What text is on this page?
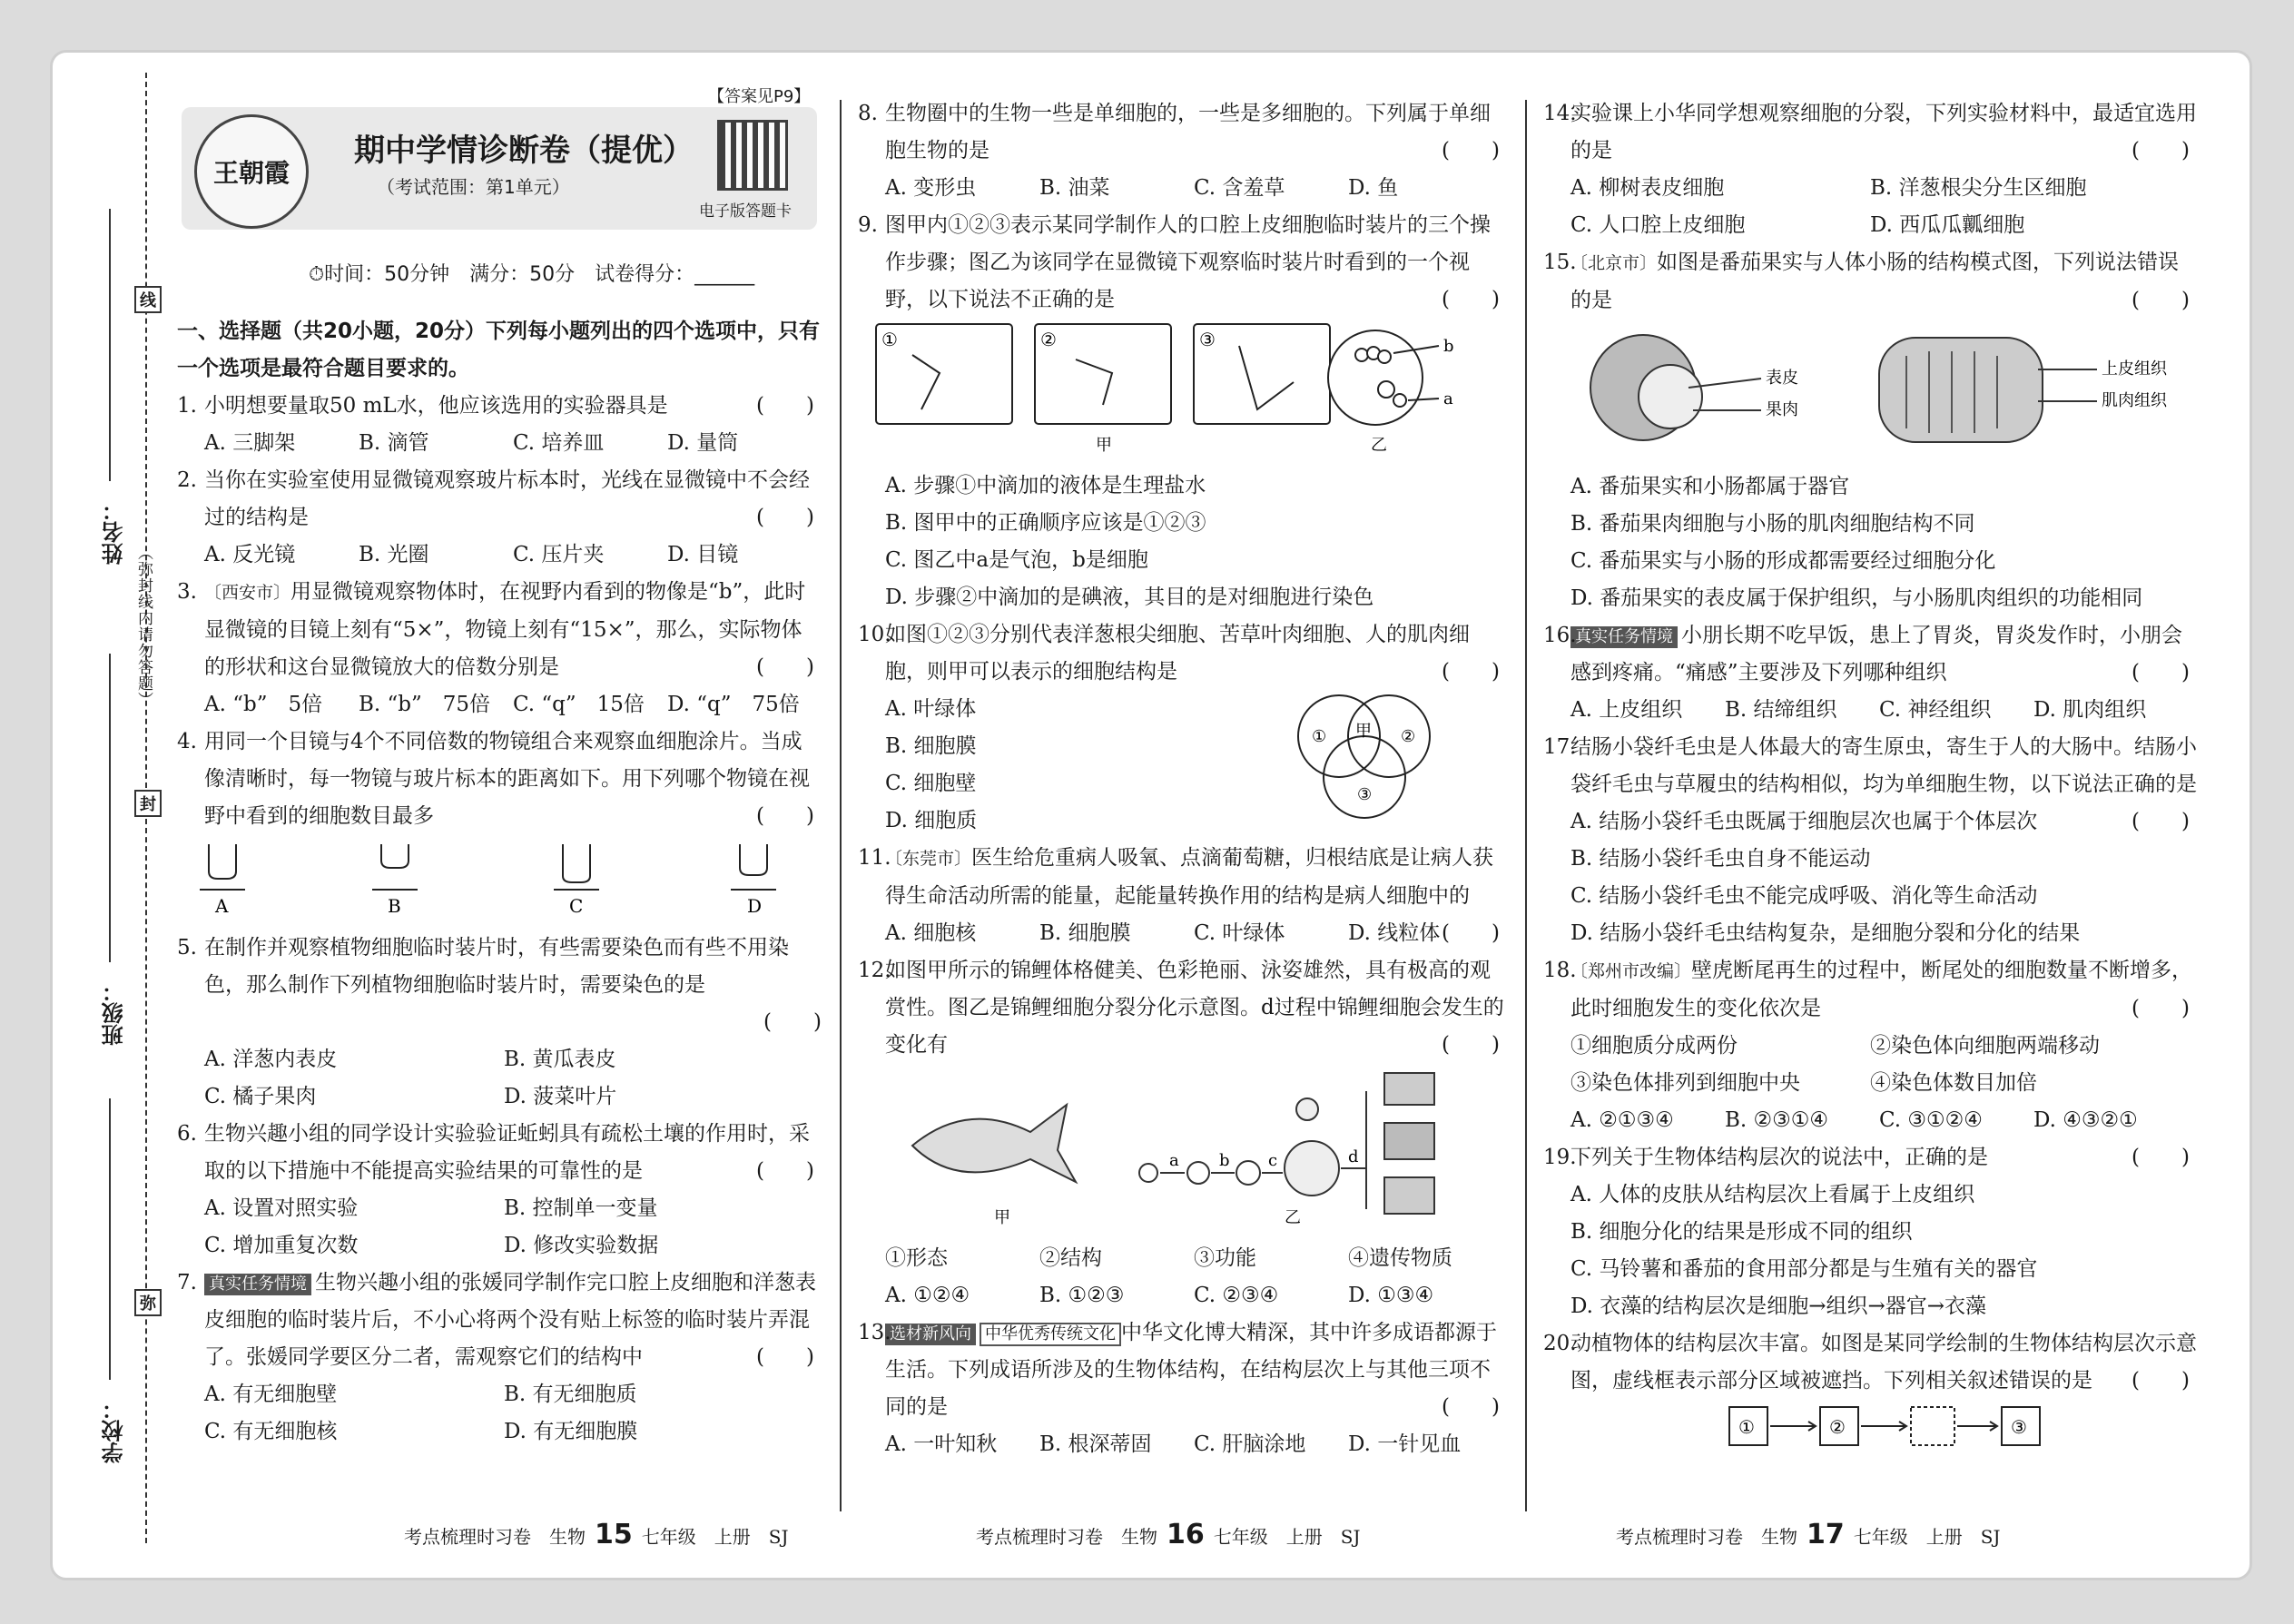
姓名：
班级：
学校：
线
（弥封线内请勿答题）
封
弥
王朝霞
期中学情诊断卷（提优）
（考试范围：第1单元）
电子版答题卡
【答案见P9】
⏱时间：50分钟　满分：50分　试卷得分：______
一、选择题（共20小题，20分）下列每小题列出的四个选项中，只有一个选项是最符合题目要求的。
1. 小明想要量取50 mL水，他应该选用的实验器具是	(　　)
A. 三脚架	B. 滴管	C. 培养皿	D. 量筒
2. 当你在实验室使用显微镜观察玻片标本时，光线在显微镜中不会经过的结构是	(　　)
A. 反光镜	B. 光圈	C. 压片夹	D. 目镜
3. 〔西安市〕用显微镜观察物体时，在视野内看到的物像是“b”，此时显微镜的目镜上刻有“5×”，物镜上刻有“15×”，那么，实际物体的形状和这台显微镜放大的倍数分别是	(　　)
A. “b”　5倍	B. “b”　75倍	C. “q”　15倍	D. “q”　75倍
4. 用同一个目镜与4个不同倍数的物镜组合来观察血细胞涂片。当成像清晰时，每一物镜与玻片标本的距离如下。用下列哪个物镜在视野中看到的细胞数目最多	(　　)
A	B	C	D
5. 在制作并观察植物细胞临时装片时，有些需要染色而有些不用染色，那么制作下列植物细胞临时装片时，需要染色的是
(　　)
A. 洋葱内表皮	B. 黄瓜表皮
C. 橘子果肉	D. 菠菜叶片
6. 生物兴趣小组的同学设计实验验证蚯蚓具有疏松土壤的作用时，采取的以下措施中不能提高实验结果的可靠性的是	(　　)
A. 设置对照实验	B. 控制单一变量
C. 增加重复次数	D. 修改实验数据
7. 真实任务情境 生物兴趣小组的张媛同学制作完口腔上皮细胞和洋葱表皮细胞的临时装片后，不小心将两个没有贴上标签的临时装片弄混了。张媛同学要区分二者，需观察它们的结构中	(　　)
A. 有无细胞壁	B. 有无细胞质
C. 有无细胞核	D. 有无细胞膜
8. 生物圈中的生物一些是单细胞的，一些是多细胞的。下列属于单细胞生物的是	(　　)
A. 变形虫	B. 油菜	C. 含羞草	D. 鱼
9. 图甲内①②③表示某同学制作人的口腔上皮细胞临时装片的三个操作步骤；图乙为该同学在显微镜下观察临时装片时看到的一个视野，以下说法不正确的是	(　　)
①	②	③
甲	乙
a
b
A. 步骤①中滴加的液体是生理盐水
B. 图甲中的正确顺序应该是①②③
C. 图乙中a是气泡，b是细胞
D. 步骤②中滴加的是碘液，其目的是对细胞进行染色
10.
如图①②③分别代表洋葱根尖细胞、苦草叶肉细胞、人的肌肉细胞，则甲可以表示的细胞结构是	(　　)
A. 叶绿体
B. 细胞膜
C. 细胞壁
D. 细胞质
① 甲 ②
③
11.
〔东莞市〕医生给危重病人吸氧、点滴葡萄糖，归根结底是让病人获得生命活动所需的能量，起能量转换作用的结构是病人细胞中的
(　　)
A. 细胞核	B. 细胞膜	C. 叶绿体	D. 线粒体
12.
如图甲所示的锦鲤体格健美、色彩艳丽、泳姿雄然，具有极高的观赏性。图乙是锦鲤细胞分裂分化示意图。d过程中锦鲤细胞会发生的变化有	(　　)
甲	乙
a b c	d
①形态	②结构	③功能	④遗传物质
A. ①②④	B. ①②③	C. ②③④	D. ①③④
13.
选材新风向 中华优秀传统文化 中华文化博大精深，其中许多成语都源于生活。下列成语所涉及的生物体结构，在结构层次上与其他三项不同的是	(　　)
A. 一叶知秋	B. 根深蒂固	C. 肝脑涂地	D. 一针见血
14.
实验课上小华同学想观察细胞的分裂，下列实验材料中，最适宜选用的是	(　　)
A. 柳树表皮细胞	B. 洋葱根尖分生区细胞
C. 人口腔上皮细胞	D. 西瓜瓜瓤细胞
15.
〔北京市〕如图是番茄果实与人体小肠的结构模式图，下列说法错误的是	(　　)
表皮
果肉
上皮组织
肌肉组织
A. 番茄果实和小肠都属于器官
B. 番茄果肉细胞与小肠的肌肉细胞结构不同
C. 番茄果实与小肠的形成都需要经过细胞分化
D. 番茄果实的表皮属于保护组织，与小肠肌肉组织的功能相同
16.
真实任务情境 小朋长期不吃早饭，患上了胃炎，胃炎发作时，小朋会感到疼痛。“痛感”主要涉及下列哪种组织	(　　)
A. 上皮组织	B. 结缔组织	C. 神经组织	D. 肌肉组织
17.
结肠小袋纤毛虫是人体最大的寄生原虫，寄生于人的大肠中。结肠小袋纤毛虫与草履虫的结构相似，均为单细胞生物，以下说法正确的是
(　　)
A. 结肠小袋纤毛虫既属于细胞层次也属于个体层次
B. 结肠小袋纤毛虫自身不能运动
C. 结肠小袋纤毛虫不能完成呼吸、消化等生命活动
D. 结肠小袋纤毛虫结构复杂，是细胞分裂和分化的结果
18.
〔郑州市改编〕壁虎断尾再生的过程中，断尾处的细胞数量不断增多，此时细胞发生的变化依次是	(　　)
①细胞质分成两份	②染色体向细胞两端移动
③染色体排列到细胞中央	④染色体数目加倍
A. ②①③④	B. ②③①④	C. ③①②④	D. ④③②①
19.
下列关于生物体结构层次的说法中，正确的是	(　　)
A. 人体的皮肤从结构层次上看属于上皮组织
B. 细胞分化的结果是形成不同的组织
C. 马铃薯和番茄的食用部分都是与生殖有关的器官
D. 衣藻的结构层次是细胞→组织→器官→衣藻
20.
动植物体的结构层次丰富。如图是某同学绘制的生物体结构层次示意图，虚线框表示部分区域被遮挡。下列相关叙述错误的是	(　　)
①	②	③
考点梳理时习卷　生物 15 七年级　上册　SJ	考点梳理时习卷　生物 16 七年级　上册　SJ	考点梳理时习卷　生物 17 七年级　上册　SJ
